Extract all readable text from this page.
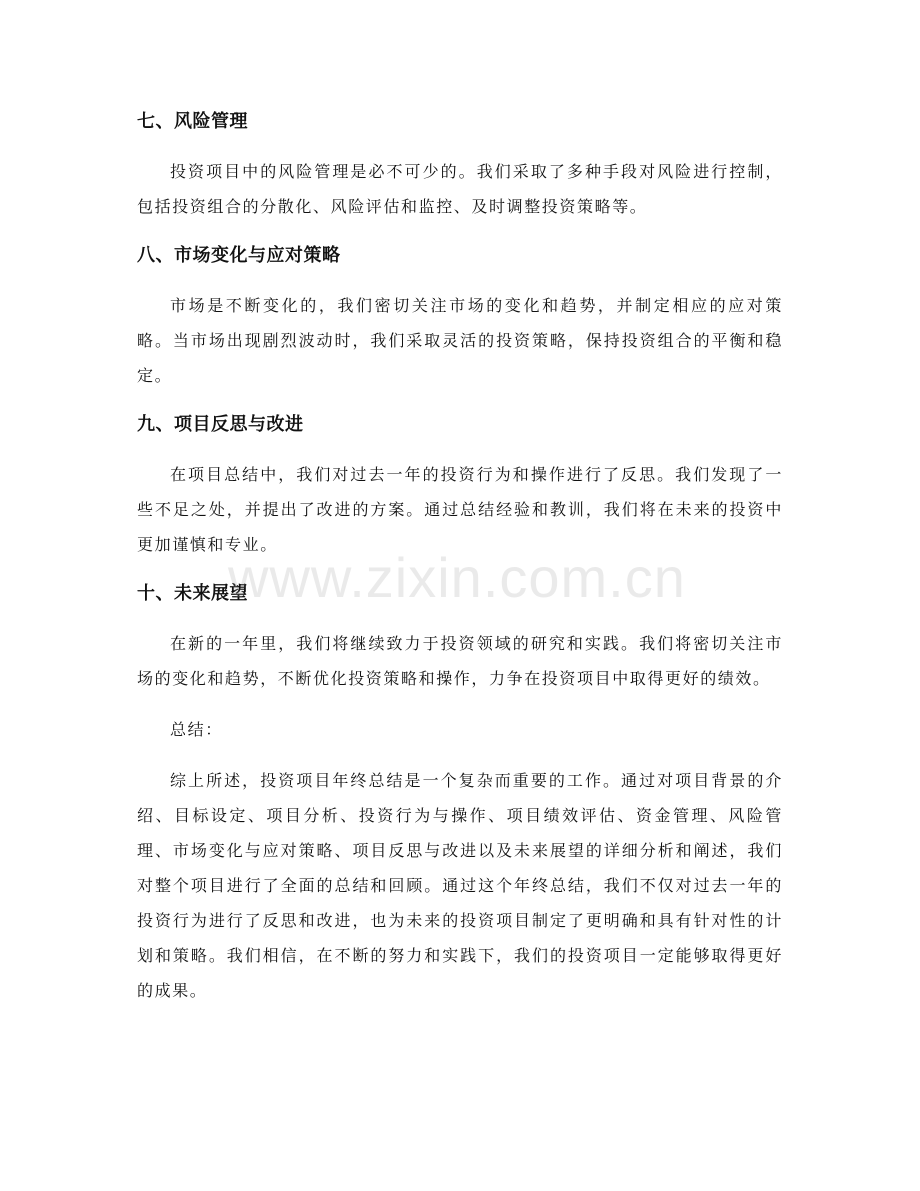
七、风险管理

投资项目中的风险管理是必不可少的。我们采取了多种手段对风险进行控制，包括投资组合的分散化、风险评估和监控、及时调整投资策略等。

八、市场变化与应对策略

市场是不断变化的，我们密切关注市场的变化和趋势，并制定相应的应对策略。当市场出现剧烈波动时，我们采取灵活的投资策略，保持投资组合的平衡和稳定。

九、项目反思与改进

在项目总结中，我们对过去一年的投资行为和操作进行了反思。我们发现了一些不足之处，并提出了改进的方案。通过总结经验和教训，我们将在未来的投资中更加谨慎和专业。

十、未来展望

在新的一年里，我们将继续致力于投资领域的研究和实践。我们将密切关注市场的变化和趋势，不断优化投资策略和操作，力争在投资项目中取得更好的绩效。

总结：

综上所述，投资项目年终总结是一个复杂而重要的工作。通过对项目背景的介绍、目标设定、项目分析、投资行为与操作、项目绩效评估、资金管理、风险管理、市场变化与应对策略、项目反思与改进以及未来展望的详细分析和阐述，我们对整个项目进行了全面的总结和回顾。通过这个年终总结，我们不仅对过去一年的投资行为进行了反思和改进，也为未来的投资项目制定了更明确和具有针对性的计划和策略。我们相信，在不断的努力和实践下，我们的投资项目一定能够取得更好的成果。

www.zixin.com.cn
